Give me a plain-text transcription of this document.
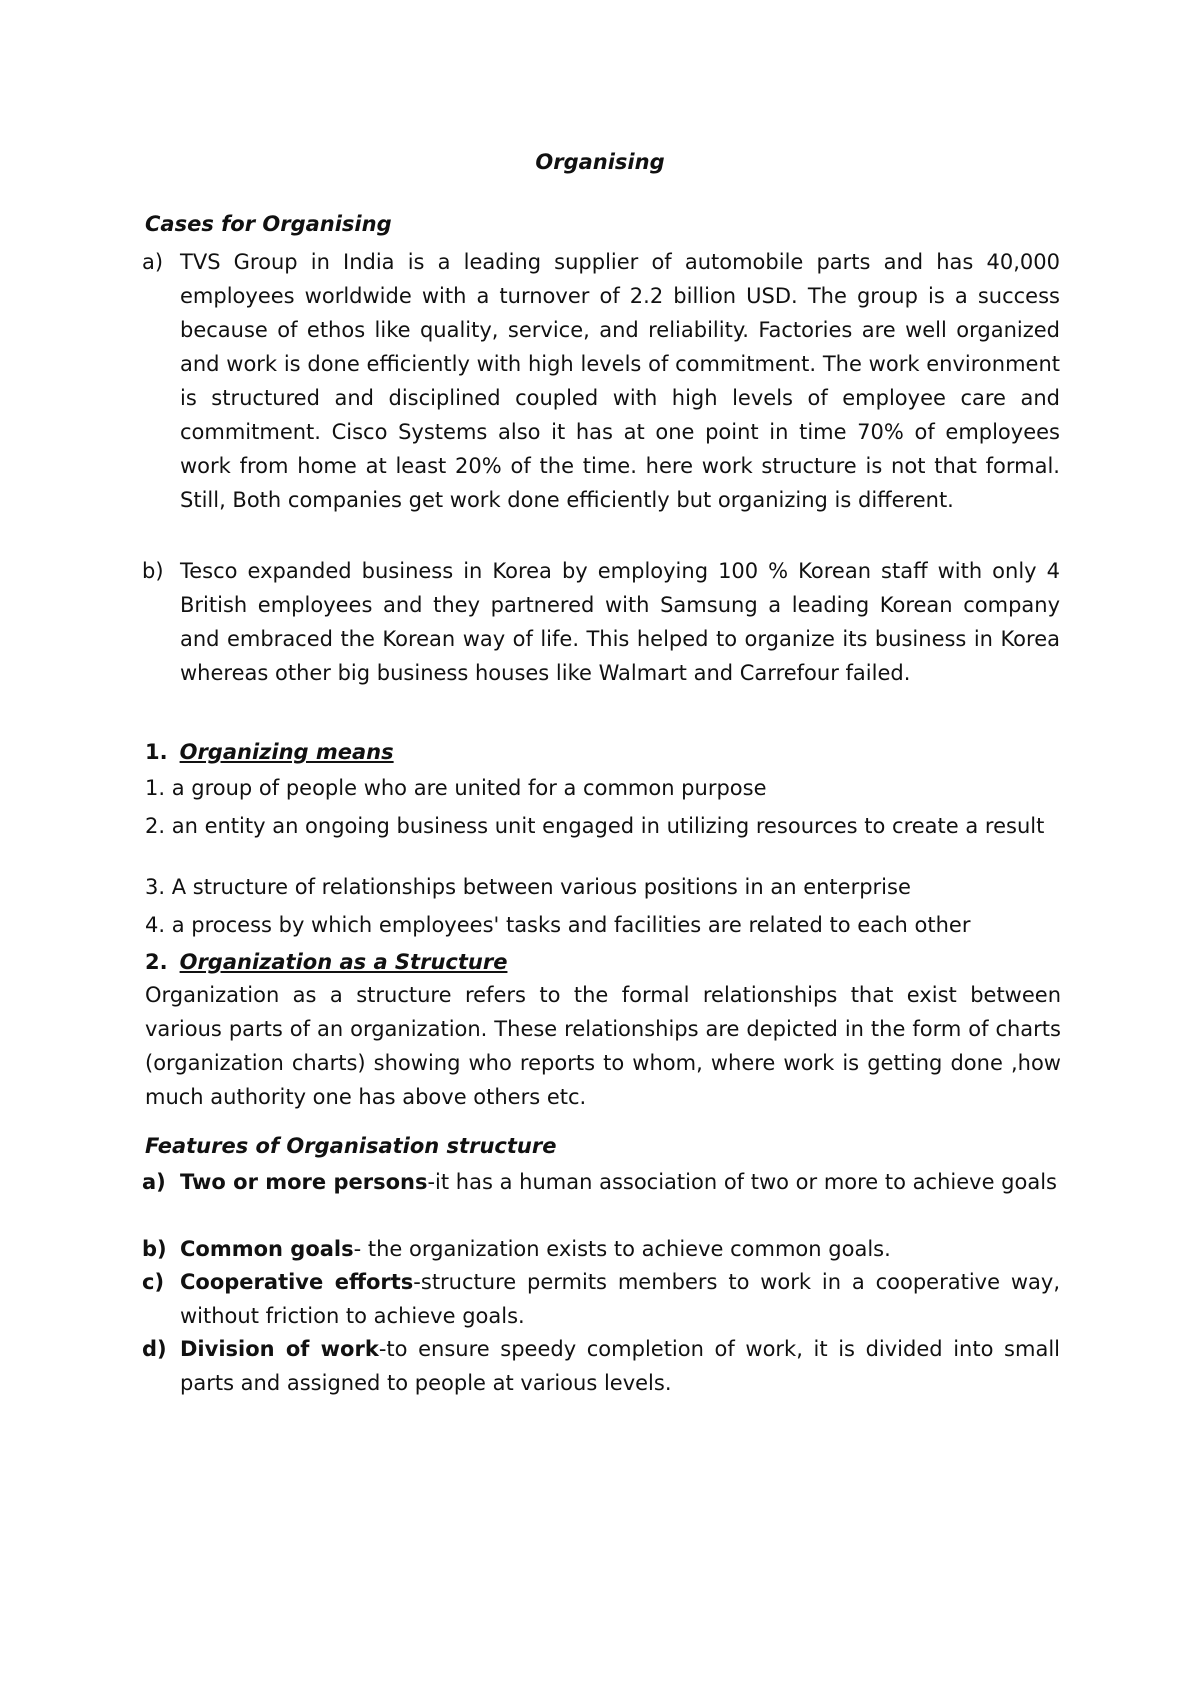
Organising
Cases for Organising
a) TVS Group in India is a leading supplier of automobile parts and has 40,000 employees worldwide with a turnover of 2.2 billion USD. The group is a success because of ethos like quality, service, and reliability. Factories are well organized and work is done efficiently with high levels of commitment. The work environment is structured and disciplined coupled with high levels of employee care and commitment. Cisco Systems also it has at one point in time 70% of employees work from home at least 20% of the time. here work structure is not that formal. Still, Both companies get work done efficiently but organizing is different.
b) Tesco expanded business in Korea by employing 100 % Korean staff with only 4 British employees and they partnered with Samsung a leading Korean company and embraced the Korean way of life. This helped to organize its business in Korea whereas other big business houses like Walmart and Carrefour failed.
1. Organizing means
1. a group of people who are united for a common purpose
2. an entity an ongoing business unit engaged in utilizing resources to create a result
3. A structure of relationships between various positions in an enterprise
4. a process by which employees' tasks and facilities are related to each other
2. Organization as a Structure
Organization as a structure refers to the formal relationships that exist between various parts of an organization. These relationships are depicted in the form of charts (organization charts) showing who reports to whom, where work is getting done ,how much authority one has above others etc.
Features of Organisation structure
a) Two or more persons-it has a human association of two or more to achieve goals
b) Common goals- the organization exists to achieve common goals.
c) Cooperative efforts-structure permits members to work in a cooperative way, without friction to achieve goals.
d) Division of work-to ensure speedy completion of work, it is divided into small parts and assigned to people at various levels.
